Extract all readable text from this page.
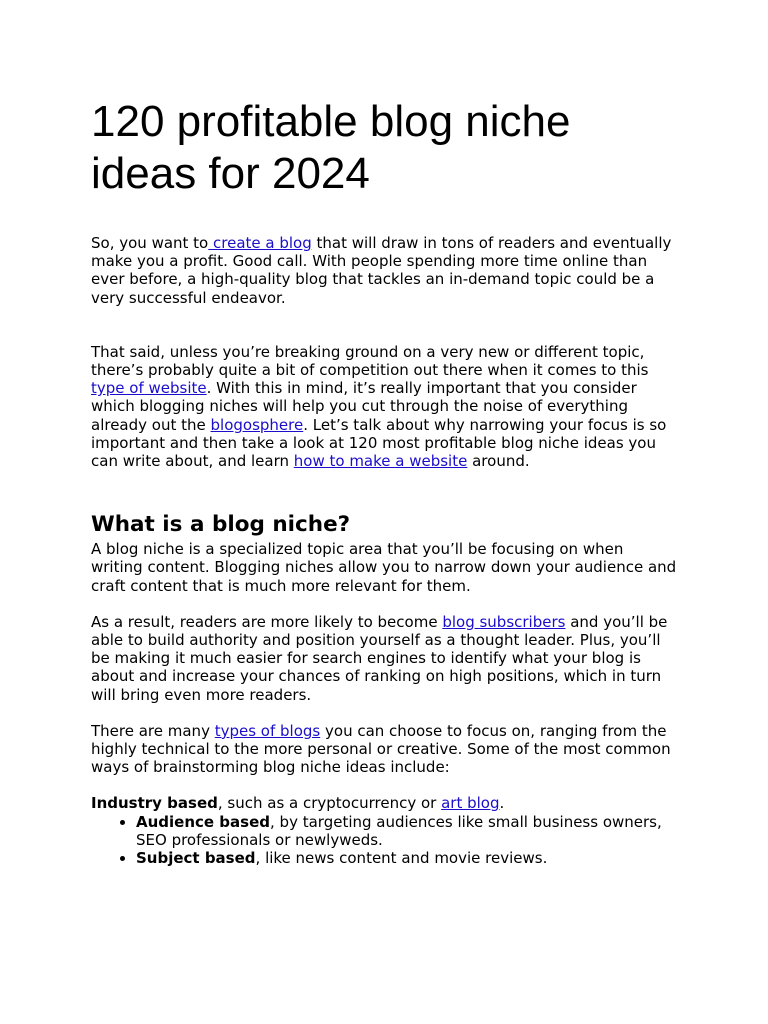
120 profitable blog niche
ideas for 2024

So, you want to create a blog that will draw in tons of readers and eventually make you a profit. Good call. With people spending more time online than ever before, a high-quality blog that tackles an in-demand topic could be a very successful endeavor.

That said, unless you’re breaking ground on a very new or different topic, there’s probably quite a bit of competition out there when it comes to this type of website. With this in mind, it’s really important that you consider which blogging niches will help you cut through the noise of everything already out the blogosphere. Let’s talk about why narrowing your focus is so important and then take a look at 120 most profitable blog niche ideas you can write about, and learn how to make a website around.

What is a blog niche?

A blog niche is a specialized topic area that you’ll be focusing on when writing content. Blogging niches allow you to narrow down your audience and craft content that is much more relevant for them.

As a result, readers are more likely to become blog subscribers and you’ll be able to build authority and position yourself as a thought leader. Plus, you’ll be making it much easier for search engines to identify what your blog is about and increase your chances of ranking on high positions, which in turn will bring even more readers.

There are many types of blogs you can choose to focus on, ranging from the highly technical to the more personal or creative. Some of the most common ways of brainstorming blog niche ideas include:

Industry based, such as a cryptocurrency or art blog.

• Audience based, by targeting audiences like small business owners, SEO professionals or newlyweds.
• Subject based, like news content and movie reviews.
